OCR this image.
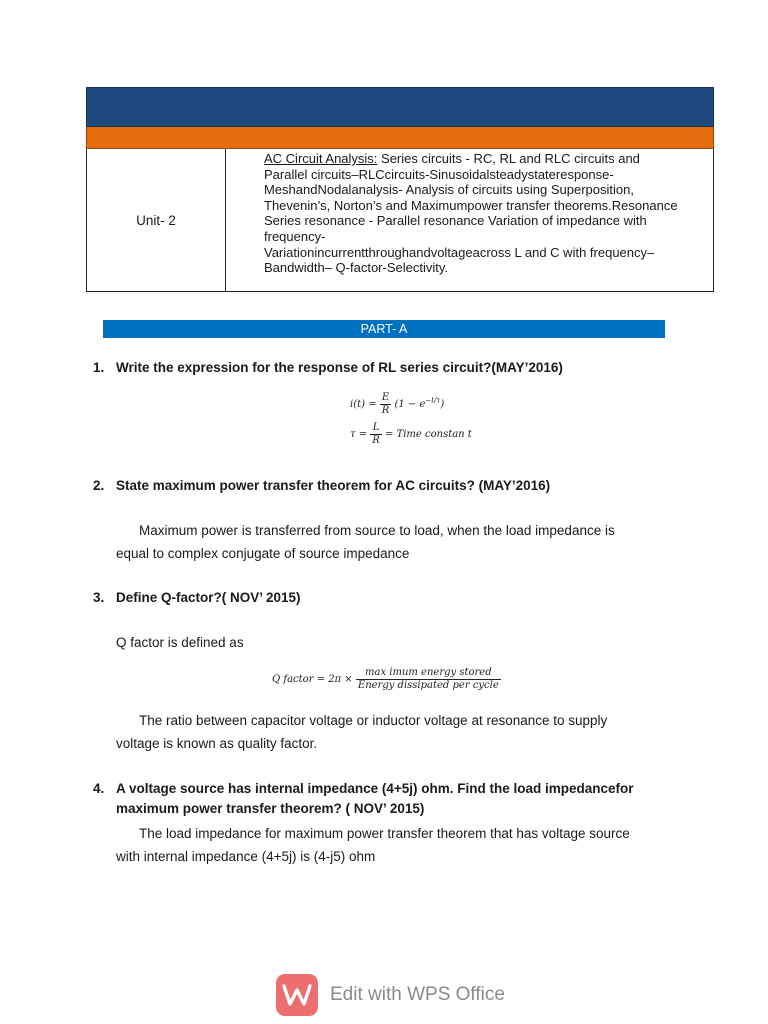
Unit- 2
AC Circuit Analysis: Series circuits - RC, RL and RLC circuits and
Parallel circuits–RLCcircuits-Sinusoidalsteadystateresponse-
MeshandNodalanalysis- Analysis of circuits using Superposition,
Thevenin’s, Norton’s and Maximumpower transfer theorems.Resonance
Series resonance - Parallel resonance Variation of impedance with
frequency-
Variationincurrentthroughandvoltageacross L and C with frequency–
Bandwidth– Q-factor-Selectivity.
PART- A
1. Write the expression for the response of RL series circuit?(MAY’2016)
$i(t) = \frac{E}{R} (1 - e^{-t/\tau})$
$\tau = \frac{L}{R}$ = Time constan t
2. State maximum power transfer theorem for AC circuits? (MAY’2016)
Maximum power is transferred from source to load, when the load impedance is
equal to complex conjugate of source impedance
3. Define Q-factor?( NOV’ 2015)
Q factor is defined as
Q factor = $2\pi \times \frac{\text{max imum energy stored}}{\text{Energy dissipated per cycle}}$
The ratio between capacitor voltage or inductor voltage at resonance to supply
voltage is known as quality factor.
4. A voltage source has internal impedance (4+5j) ohm. Find the load impedancefor
maximum power transfer theorem? ( NOV’ 2015)
The load impedance for maximum power transfer theorem that has voltage source
with internal impedance (4+5j) is (4-j5) ohm
Edit with WPS Office
